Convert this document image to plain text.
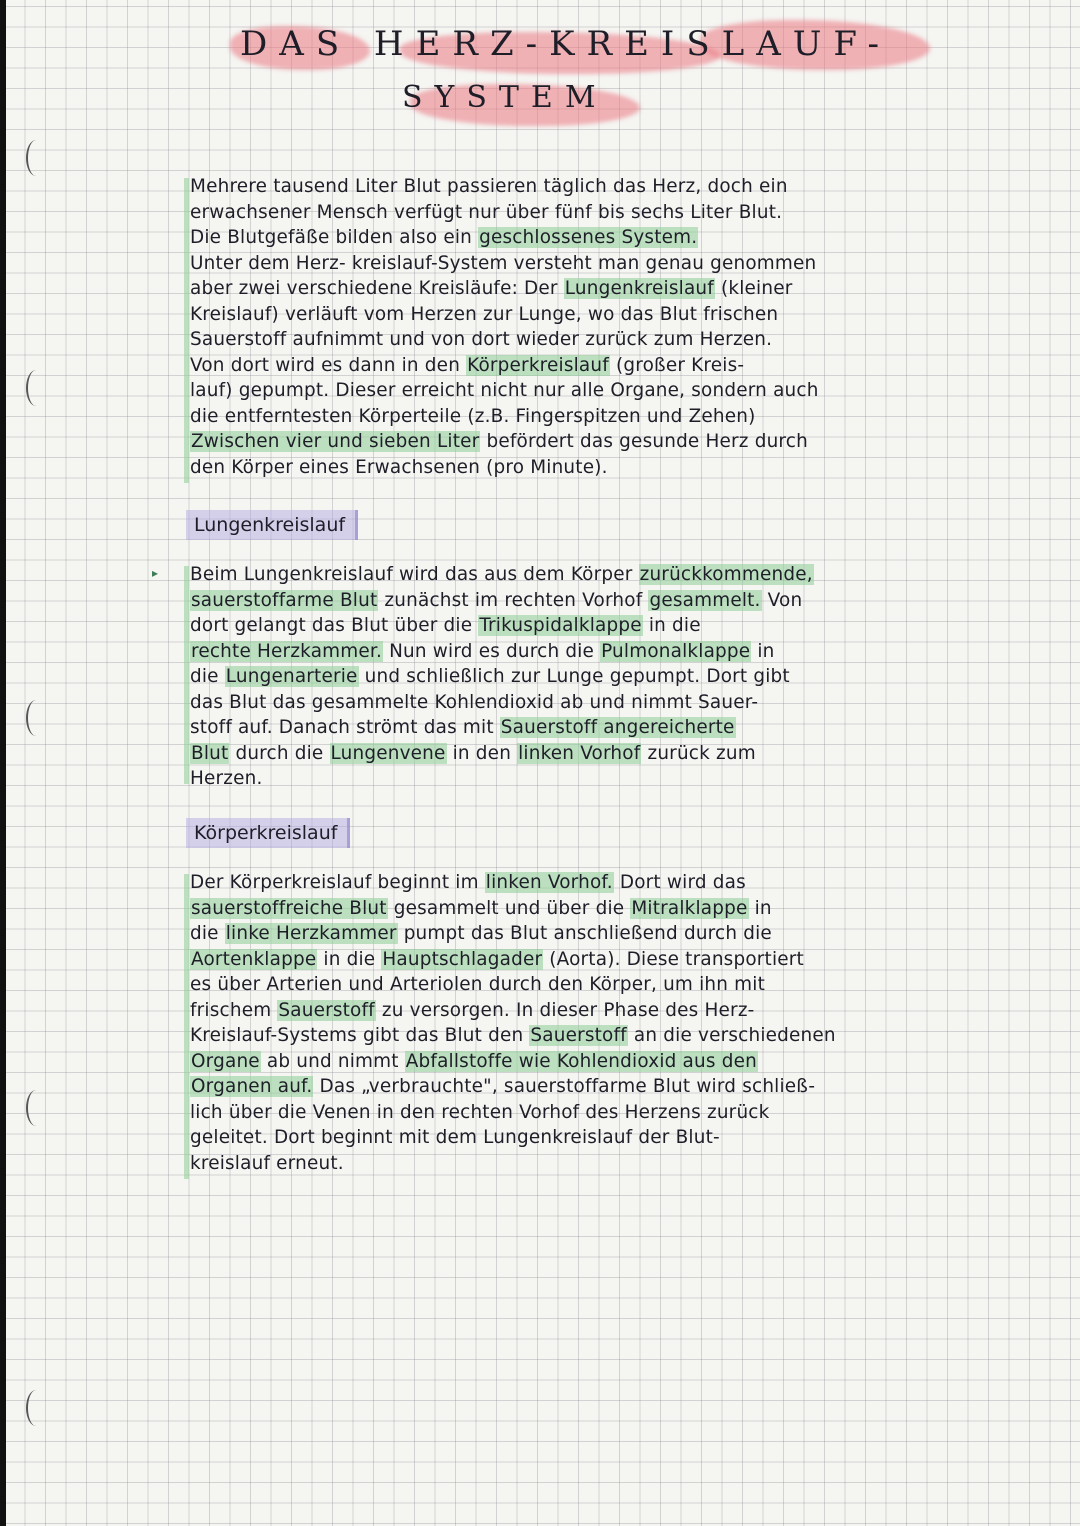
DAS HERZ-KREISLAUF-
SYSTEM
Mehrere tausend Liter Blut passieren täglich das Herz, doch ein
erwachsener Mensch verfügt nur über fünf bis sechs Liter Blut.
Die Blutgefäße bilden also ein geschlossenes System.
Unter dem Herz- kreislauf-System versteht man genau genommen
aber zwei verschiedene Kreisläufe: Der Lungenkreislauf (kleiner
Kreislauf) verläuft vom Herzen zur Lunge, wo das Blut frischen
Sauerstoff aufnimmt und von dort wieder zurück zum Herzen.
Von dort wird es dann in den Körperkreislauf (großer Kreis-
lauf) gepumpt. Dieser erreicht nicht nur alle Organe, sondern auch
die entferntesten Körperteile (z.B. Fingerspitzen und Zehen)
Zwischen vier und sieben Liter befördert das gesunde Herz durch
den Körper eines Erwachsenen (pro Minute).
Lungenkreislauf
▸ Beim Lungenkreislauf wird das aus dem Körper zurückkommende,
sauerstoffarme Blut zunächst im rechten Vorhof gesammelt. Von
dort gelangt das Blut über die Trikuspidalklappe in die
rechte Herzkammer. Nun wird es durch die Pulmonalklappe in
die Lungenarterie und schließlich zur Lunge gepumpt. Dort gibt
das Blut das gesammelte Kohlendioxid ab und nimmt Sauer-
stoff auf. Danach strömt das mit Sauerstoff angereicherte
Blut durch die Lungenvene in den linken Vorhof zurück zum
Herzen.
Körperkreislauf
Der Körperkreislauf beginnt im linken Vorhof. Dort wird das
sauerstoffreiche Blut gesammelt und über die Mitralklappe in
die linke Herzkammer pumpt das Blut anschließend durch die
Aortenklappe in die Hauptschlagader (Aorta). Diese transportiert
es über Arterien und Arteriolen durch den Körper, um ihn mit
frischem Sauerstoff zu versorgen. In dieser Phase des Herz-
Kreislauf-Systems gibt das Blut den Sauerstoff an die verschiedenen
Organe ab und nimmt Abfallstoffe wie Kohlendioxid aus den
Organen auf. Das „verbrauchte", sauerstoffarme Blut wird schließ-
lich über die Venen in den rechten Vorhof des Herzens zurück
geleitet. Dort beginnt mit dem Lungenkreislauf der Blut-
kreislauf erneut.
